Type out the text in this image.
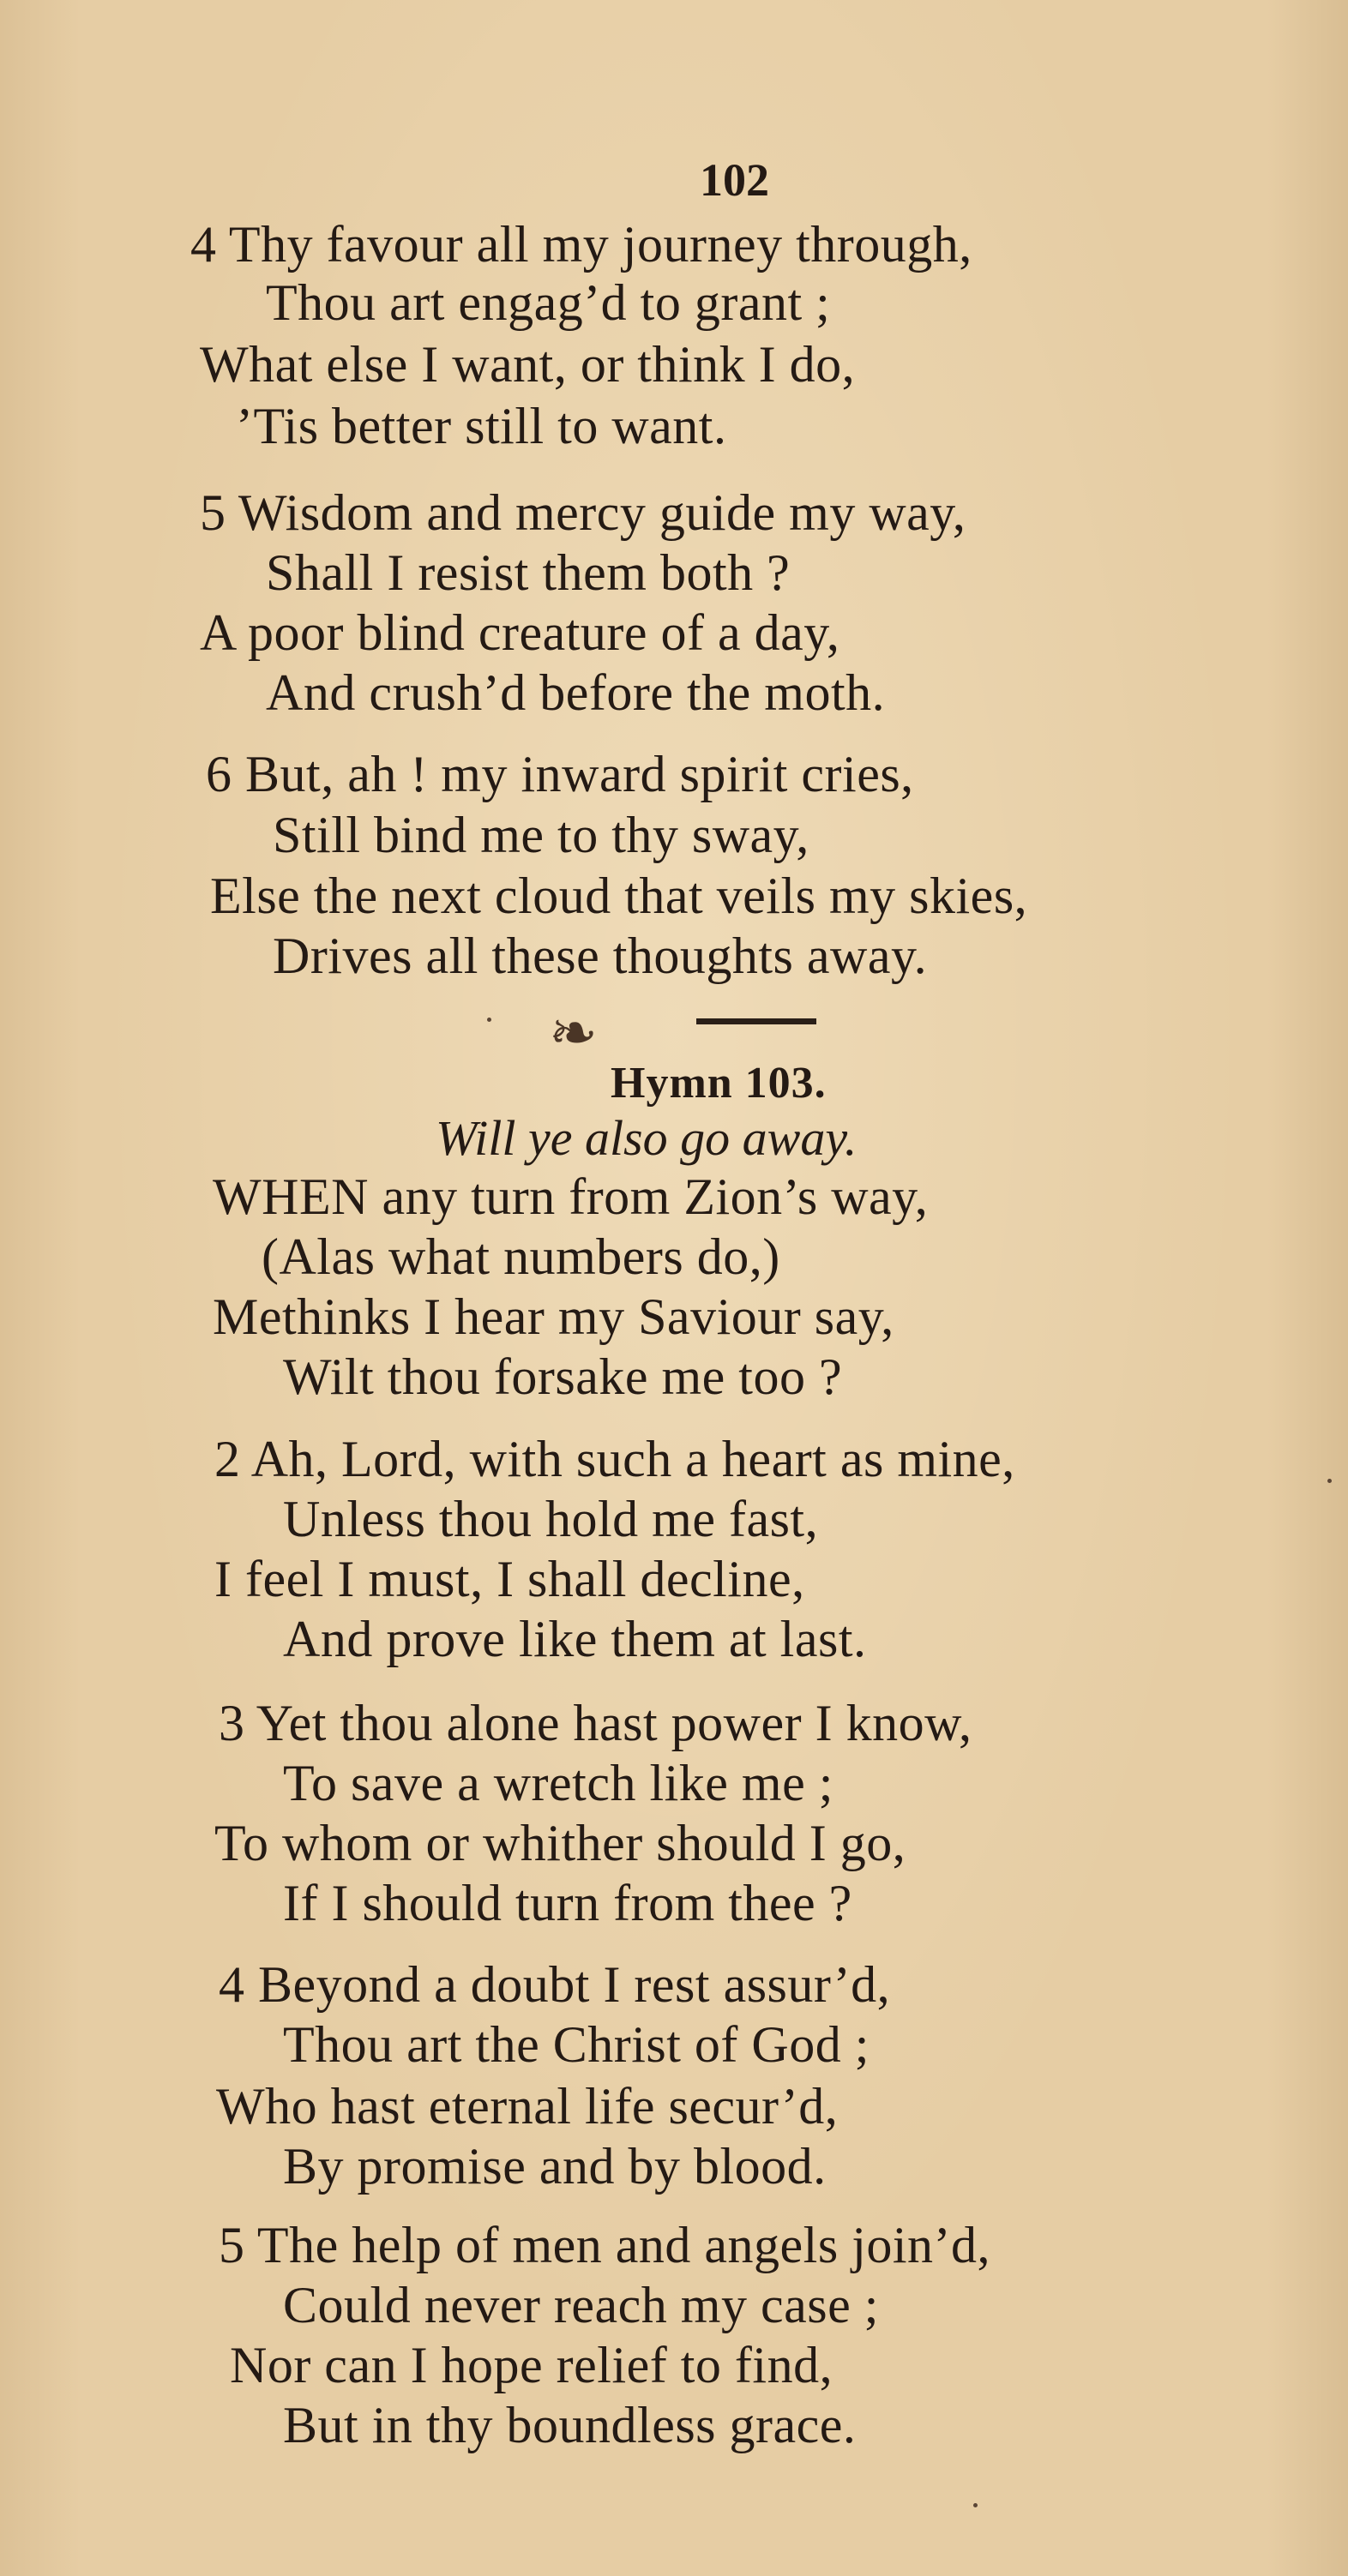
102
4 Thy favour all my journey through,
Thou art engag’d to grant ;
What else I want, or think I do,
’Tis better still to want.
5 Wisdom and mercy guide my way,
Shall I resist them both ?
A poor blind creature of a day,
And crush’d before the moth.
6 But, ah ! my inward spirit cries,
Still bind me to thy sway,
Else the next cloud that veils my skies,
Drives all these thoughts away.
❧
Hymn 103.
Will ye also go away.
WHEN any turn from Zion’s way,
(Alas what numbers do,)
Methinks I hear my Saviour say,
Wilt thou forsake me too ?
2 Ah, Lord, with such a heart as mine,
Unless thou hold me fast,
I feel I must, I shall decline,
And prove like them at last.
3 Yet thou alone hast power I know,
To save a wretch like me ;
To whom or whither should I go,
If I should turn from thee ?
4 Beyond a doubt I rest assur’d,
Thou art the Christ of God ;
Who hast eternal life secur’d,
By promise and by blood.
5 The help of men and angels join’d,
Could never reach my case ;
Nor can I hope relief to find,
But in thy boundless grace.
